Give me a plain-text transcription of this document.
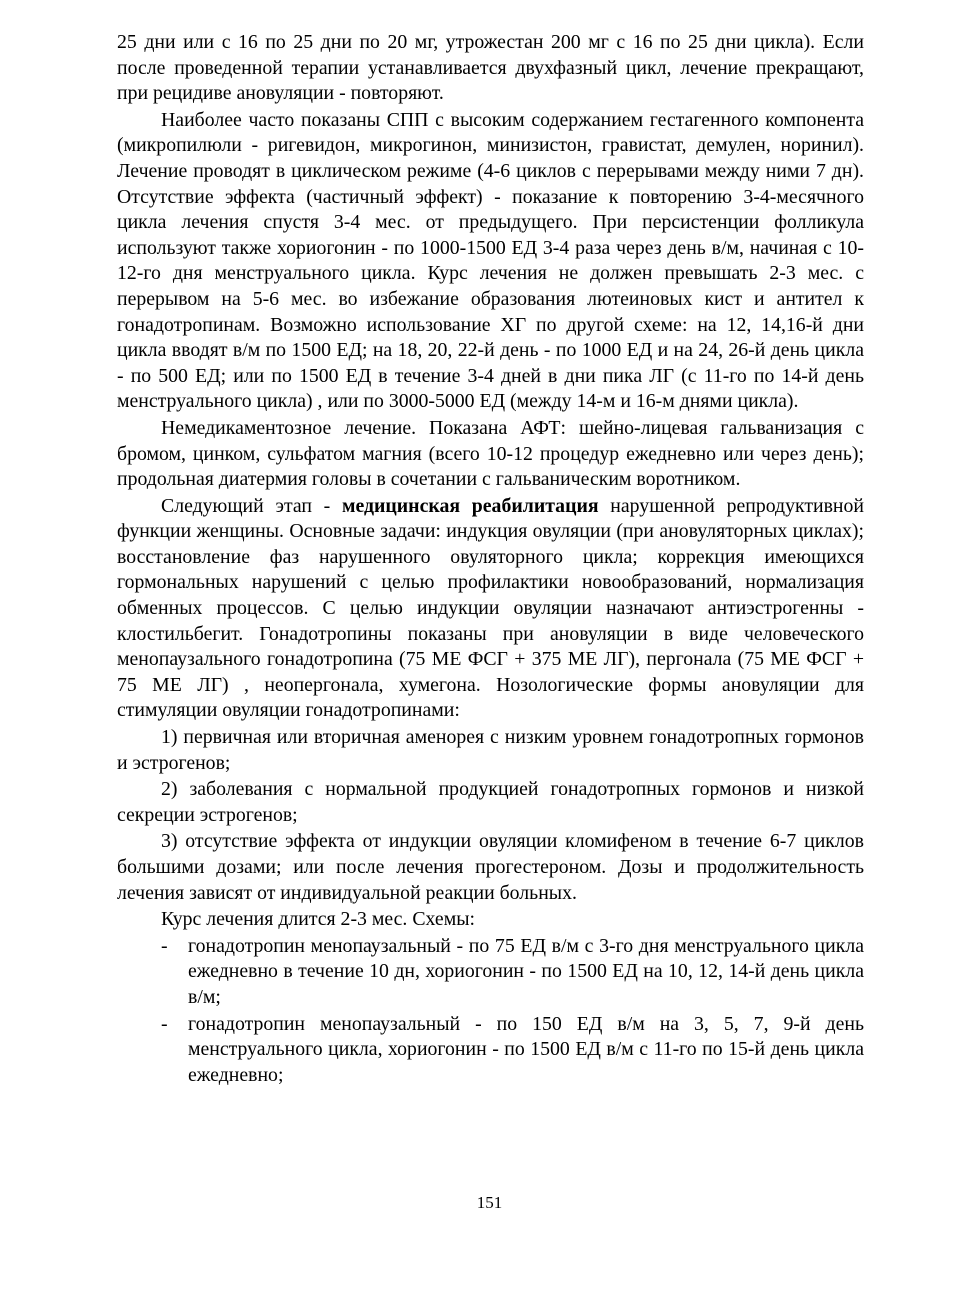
25 дни или с 16 по 25 дни по 20 мг, утрожестан 200 мг с 16 по 25 дни цикла). Если после проведенной терапии устанавливается двухфазный цикл, лечение прекращают, при рецидиве ановуляции - повторяют.

Наиболее часто показаны СПП с высоким содержанием гестагенного компонента (микропилюли - ригевидон, микрогинон, минизистон, гравистат, демулен, норинил). Лечение проводят в циклическом режиме (4-6 циклов с перерывами между ними 7 дн). Отсутствие эффекта (частичный эффект) - показание к повторению 3-4-месячного цикла лечения спустя 3-4 мес. от предыдущего. При персистенции фолликула используют также хориогонин - по 1000-1500 ЕД 3-4 раза через день в/м, начиная с 10-12-го дня менструального цикла. Курс лечения не должен превышать 2-3 мес. с перерывом на 5-6 мес. во избежание образования лютеиновых кист и антител к гонадотропинам. Возможно использование ХГ по другой схеме: на 12, 14,16-й дни цикла вводят в/м по 1500 ЕД; на 18, 20, 22-й день - по 1000 ЕД и на 24, 26-й день цикла - по 500 ЕД; или по 1500 ЕД в течение 3-4 дней в дни пика ЛГ (с 11-го по 14-й день менструального цикла) , или по 3000-5000 ЕД (между 14-м и 16-м днями цикла).

Немедикаментозное лечение. Показана АФТ: шейно-лицевая гальванизация с бромом, цинком, сульфатом магния (всего 10-12 процедур ежедневно или через день); продольная диатермия головы в сочетании с гальваническим воротником.

Следующий этап - медицинская реабилитация нарушенной репродуктивной функции женщины. Основные задачи: индукция овуляции (при ановуляторных циклах); восстановление фаз нарушенного овуляторного цикла; коррекция имеющихся гормональных нарушений с целью профилактики новообразований, нормализация обменных процессов. С целью индукции овуляции назначают антиэстрогенны - клостильбегит. Гонадотропины показаны при ановуляции в виде человеческого менопаузального гонадотропина (75 МЕ ФСГ + 375 МЕ ЛГ), пергонала (75 МЕ ФСГ + 75 МЕ ЛГ) , неопергонала, хумегона. Нозологические формы ановуляции для стимуляции овуляции гонадотропинами:

1) первичная или вторичная аменорея с низким уровнем гонадотропных гормонов и эстрогенов;

2) заболевания с нормальной продукцией гонадотропных гормонов и низкой секреции эстрогенов;

3) отсутствие эффекта от индукции овуляции кломифеном в течение 6-7 циклов большими дозами; или после лечения прогестероном. Дозы и продолжительность лечения зависят от индивидуальной реакции больных.

Курс лечения длится 2-3 мес. Схемы:

- гонадотропин менопаузальный - по 75 ЕД в/м с 3-го дня менструального цикла ежедневно в течение 10 дн, хориогонин - по 1500 ЕД на 10, 12, 14-й день цикла в/м;
- гонадотропин менопаузальный - по 150 ЕД в/м на 3, 5, 7, 9-й день менструального цикла, хориогонин - по 1500 ЕД в/м с 11-го по 15-й день цикла ежедневно;
151
